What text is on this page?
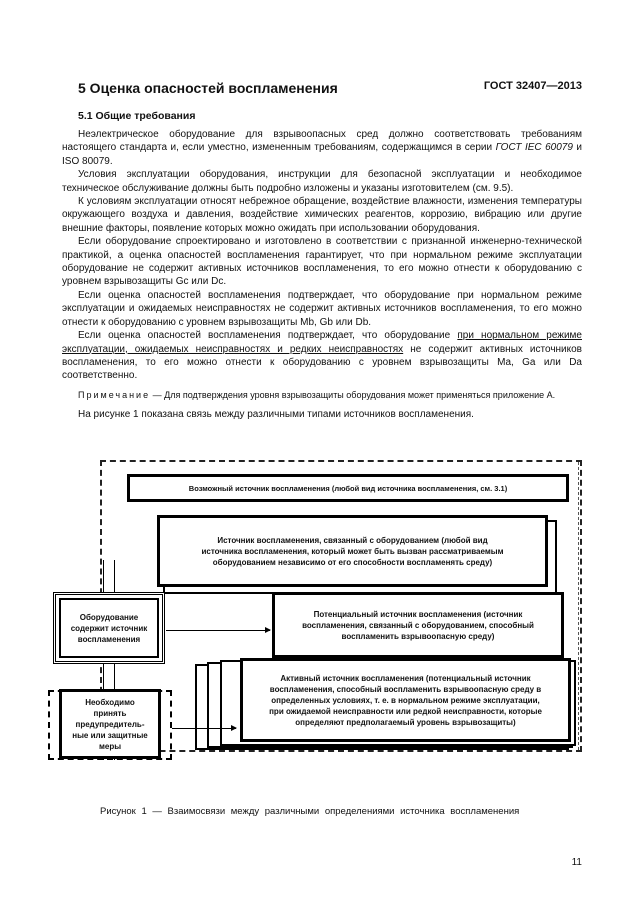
ГОСТ 32407—2013
5 Оценка опасностей воспламенения
5.1 Общие требования

Неэлектрическое оборудование для взрывоопасных сред должно соответствовать требованиям настоящего стандарта и, если уместно, измененным требованиям, содержащимся в серии ГОСТ IEC 60079 и ISO 80079.

Условия эксплуатации оборудования, инструкции для безопасной эксплуатации и необходимое техническое обслуживание должны быть подробно изложены и указаны изготовителем (см. 9.5).

К условиям эксплуатации относят небрежное обращение, воздействие влажности, изменения температуры окружающего воздуха и давления, воздействие химических реагентов, коррозию, вибрацию или другие внешние факторы, появление которых можно ожидать при использовании оборудования.

Если оборудование спроектировано и изготовлено в соответствии с признанной инженерно-технической практикой, а оценка опасностей воспламенения гарантирует, что при нормальном режиме эксплуатации оборудование не содержит активных источников воспламенения, то его можно отнести к оборудованию с уровнем взрывозащиты Gc или Dc.

Если оценка опасностей воспламенения подтверждает, что оборудование при нормальном режиме эксплуатации и ожидаемых неисправностях не содержит активных источников воспламенения, то его можно отнести к оборудованию с уровнем взрывозащиты Mb, Gb или Db.

Если оценка опасностей воспламенения подтверждает, что оборудование при нормальном режиме эксплуатации, ожидаемых неисправностях и редких неисправностях не содержит активных источников воспламенения, то его можно отнести к оборудованию с уровнем взрывозащиты Ma, Ga или Da соответственно.

Примечание — Для подтверждения уровня взрывозащиты оборудования может применяться приложение А.

На рисунке 1 показана связь между различными типами источников воспламенения.

Возможный источник воспламенения (любой вид источника воспламенения, см. 3.1)
Источник воспламенения, связанный с оборудованием (любой вид источника воспламенения, который может быть вызван рассматриваемым оборудованием независимо от его способности воспламенять среду)
Потенциальный источник воспламенения (источник воспламенения, связанный с оборудованием, способный воспламенить взрывоопасную среду)
Активный источник воспламенения (потенциальный источник воспламенения, способный воспламенить взрывоопасную среду в определенных условиях, т. е. в нормальном режиме эксплуатации, при ожидаемой неисправности или редкой неисправности, которые определяют предполагаемый уровень взрывозащиты)
Оборудование содержит источник воспламенения
Необходимо принять предупредитель-ные или защитные меры
Рисунок 1 — Взаимосвязи между различными определениями источника воспламенения
11
